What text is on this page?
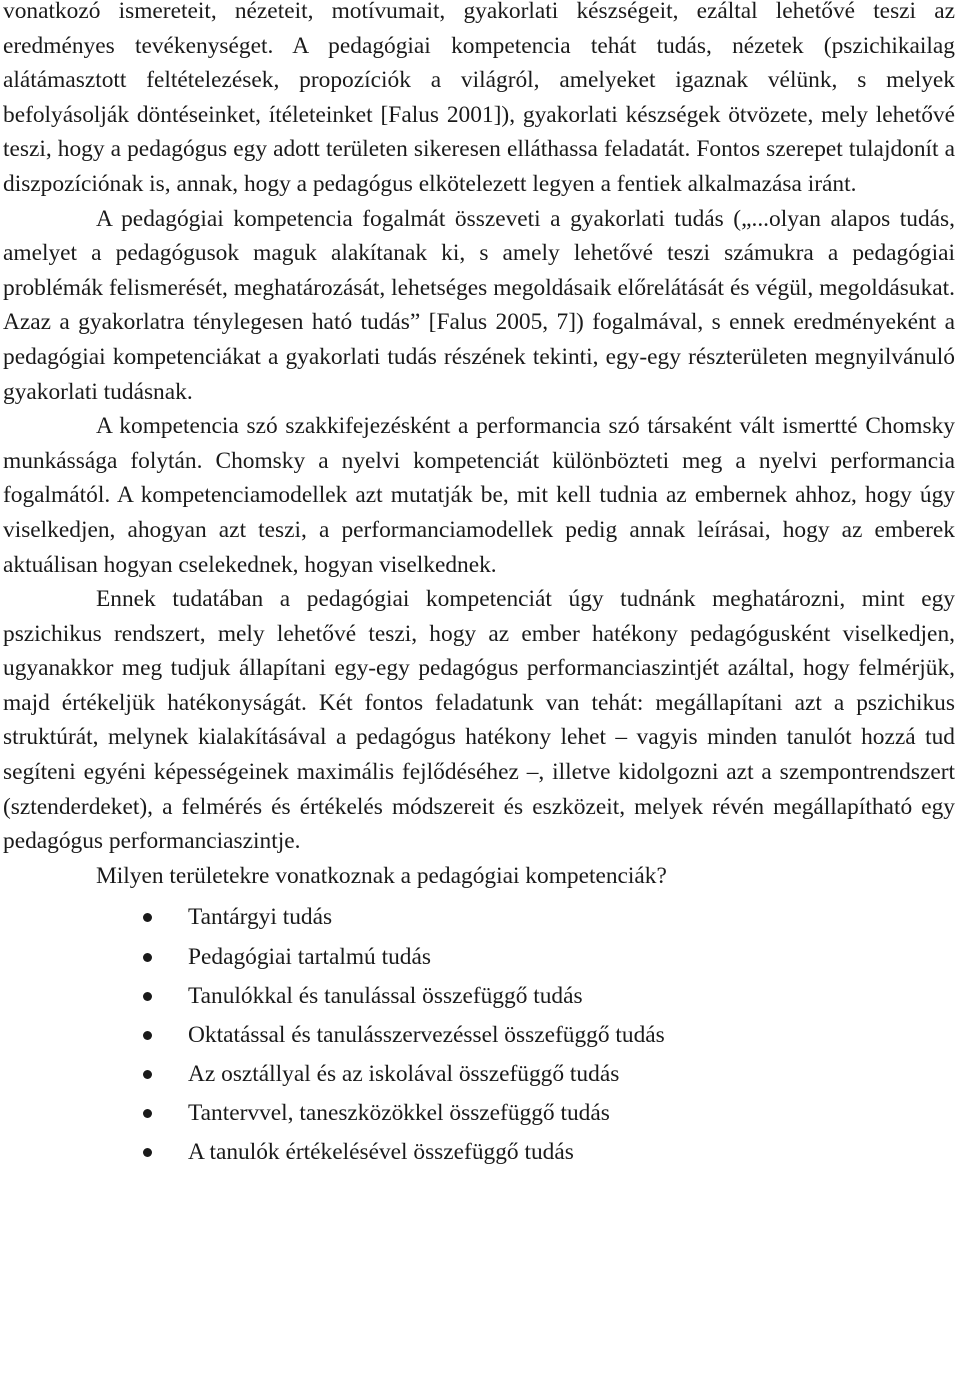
vonatkozó ismereteit, nézeteit, motívumait, gyakorlati készségeit, ezáltal lehetővé teszi az eredményes tevékenységet. A pedagógiai kompetencia tehát tudás, nézetek (pszichikailag alátámasztott feltételezések, propozíciók a világról, amelyeket igaznak vélünk, s melyek befolyásolják döntéseinket, ítéleteinket [Falus 2001]), gyakorlati készségek ötvözete, mely lehetővé teszi, hogy a pedagógus egy adott területen sikeresen elláthassa feladatát. Fontos szerepet tulajdonít a diszpozíciónak is, annak, hogy a pedagógus elkötelezett legyen a fentiek alkalmazása iránt.

A pedagógiai kompetencia fogalmát összeveti a gyakorlati tudás („...olyan alapos tudás, amelyet a pedagógusok maguk alakítanak ki, s amely lehetővé teszi számukra a pedagógiai problémák felismerését, meghatározását, lehetséges megoldásaik előrelátását és végül, megoldásukat. Azaz a gyakorlatra ténylegesen ható tudás” [Falus 2005, 7]) fogalmával, s ennek eredményeként a pedagógiai kompetenciákat a gyakorlati tudás részének tekinti, egy-egy részterületen megnyilvánuló gyakorlati tudásnak.

A kompetencia szó szakkifejezésként a performancia szó társaként vált ismertté Chomsky munkássága folytán. Chomsky a nyelvi kompetenciát különbözteti meg a nyelvi performancia fogalmától. A kompetenciamodellek azt mutatják be, mit kell tudnia az embernek ahhoz, hogy úgy viselkedjen, ahogyan azt teszi, a performanciamodellek pedig annak leírásai, hogy az emberek aktuálisan hogyan cselekednek, hogyan viselkednek.

Ennek tudatában a pedagógiai kompetenciát úgy tudnánk meghatározni, mint egy pszichikus rendszert, mely lehetővé teszi, hogy az ember hatékony pedagógusként viselkedjen, ugyanakkor meg tudjuk állapítani egy-egy pedagógus performanciaszintjét azáltal, hogy felmérjük, majd értékeljük hatékonyságát. Két fontos feladatunk van tehát: megállapítani azt a pszichikus struktúrát, melynek kialakításával a pedagógus hatékony lehet – vagyis minden tanulót hozzá tud segíteni egyéni képességeinek maximális fejlődéséhez –, illetve kidolgozni azt a szempontrendszert (sztenderdeket), a felmérés és értékelés módszereit és eszközeit, melyek révén megállapítható egy pedagógus performanciaszintje.

Milyen területekre vonatkoznak a pedagógiai kompetenciák?

Tantárgyi tudás
Pedagógiai tartalmú tudás
Tanulókkal és tanulással összefüggő tudás
Oktatással és tanulásszervezéssel összefüggő tudás
Az osztállyal és az iskolával összefüggő tudás
Tantervvel, taneszközökkel összefüggő tudás
A tanulók értékelésével összefüggő tudás
